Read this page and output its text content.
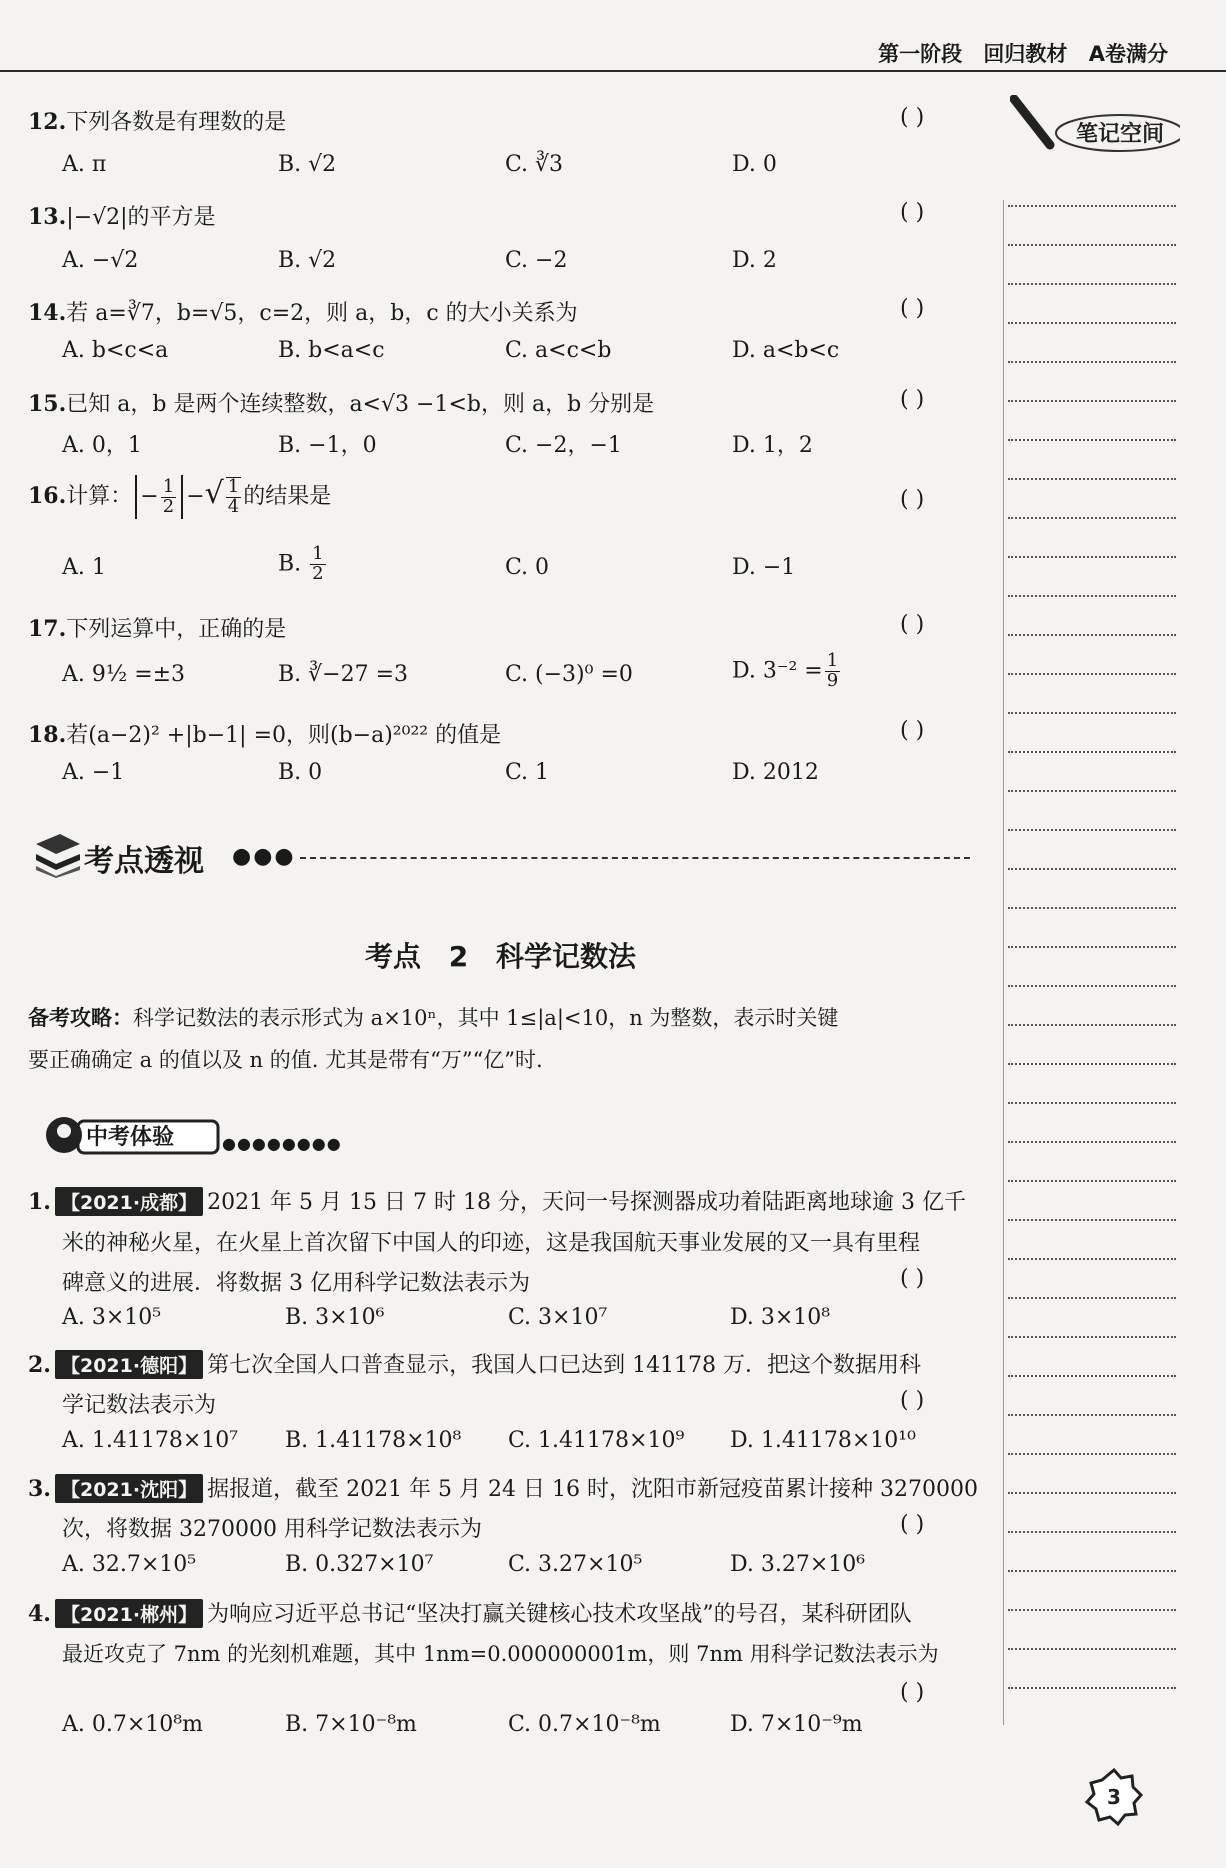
第一阶段 回归教材 A卷满分
笔记空间
12.下列各数是有理数的是	( )
A. π	B. √2	C. ∛3	D. 0
13.|−√2|的平方是	( )
A. −√2	B. √2	C. −2	D. 2
14.若 a=∛7，b=√5，c=2，则 a，b，c 的大小关系为	( )
A. b<c<a	B. b<a<c	C. a<c<b	D. a<b<c
15.已知 a，b 是两个连续整数，a<√3 −1<b，则 a，b 分别是	( )
A. 0，1	B. −1，0	C. −2，−1	D. 1，2
16.计算： − $\frac{1}{2}$ −√ $\frac{1}{4}$ 的结果是	( )
A. 1	B. $\frac{1}{2}$	C. 0	D. −1
17.下列运算中，正确的是	( )
A. 9½ =±3	B. ∛−27 =3	C. (−3)⁰ =0	D. $3^{-2} = \frac{1}{9}$
18.若(a−2)² +|b−1| =0，则(b−a)²⁰²² 的值是	( )
A. −1	B. 0	C. 1	D. 2012
考点透视 ●●●
考点 2 科学记数法
备考攻略：科学记数法的表示形式为 a×10ⁿ，其中 1≤|a|<10，n 为整数，表示时关键
要正确确定 a 的值以及 n 的值. 尤其是带有“万”“亿”时.
中考体验	●●●●●●●●
1. 【2021·成都】 2021 年 5 月 15 日 7 时 18 分，天问一号探测器成功着陆距离地球逾 3 亿千
米的神秘火星，在火星上首次留下中国人的印迹，这是我国航天事业发展的又一具有里程
碑意义的进展．将数据 3 亿用科学记数法表示为	( )
A. 3×10⁵	B. 3×10⁶	C. 3×10⁷	D. 3×10⁸
2. 【2021·德阳】 第七次全国人口普查显示，我国人口已达到 141178 万．把这个数据用科
学记数法表示为	( )
A. 1.41178×10⁷ B. 1.41178×10⁸ C. 1.41178×10⁹ D. 1.41178×10¹⁰
3. 【2021·沈阳】 据报道，截至 2021 年 5 月 24 日 16 时，沈阳市新冠疫苗累计接种 3270000
次，将数据 3270000 用科学记数法表示为	( )
A. 32.7×10⁵	B. 0.327×10⁷	C. 3.27×10⁵	D. 3.27×10⁶
4. 【2021·郴州】 为响应习近平总书记“坚决打赢关键核心技术攻坚战”的号召，某科研团队
最近攻克了 7nm 的光刻机难题，其中 1nm=0.000000001m，则 7nm 用科学记数法表示为
( )
A. 0.7×10⁸m	B. 7×10⁻⁸m	C. 0.7×10⁻⁸m	D. 7×10⁻⁹m
3
